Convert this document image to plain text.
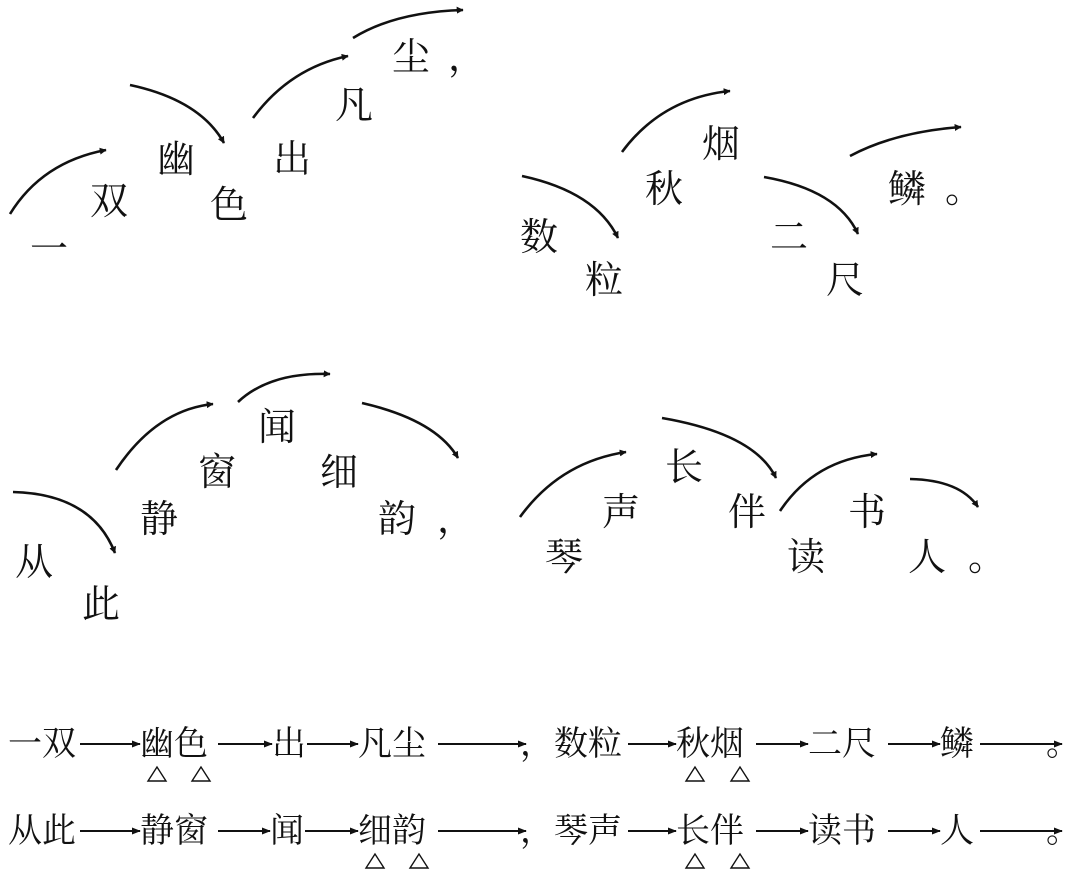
一
双
幽
色
出
凡
尘 ，
数
粒
秋
烟
二
尺
鳞 。
从
此
静
窗
闻
细
韵 ，
琴
声
长
伴
读
书
人 。
一双 幽色 出 凡尘	，数粒 秋烟 二尺 鳞 。
从此 静窗 闻 细韵	，琴声 长伴 读书 人 。
